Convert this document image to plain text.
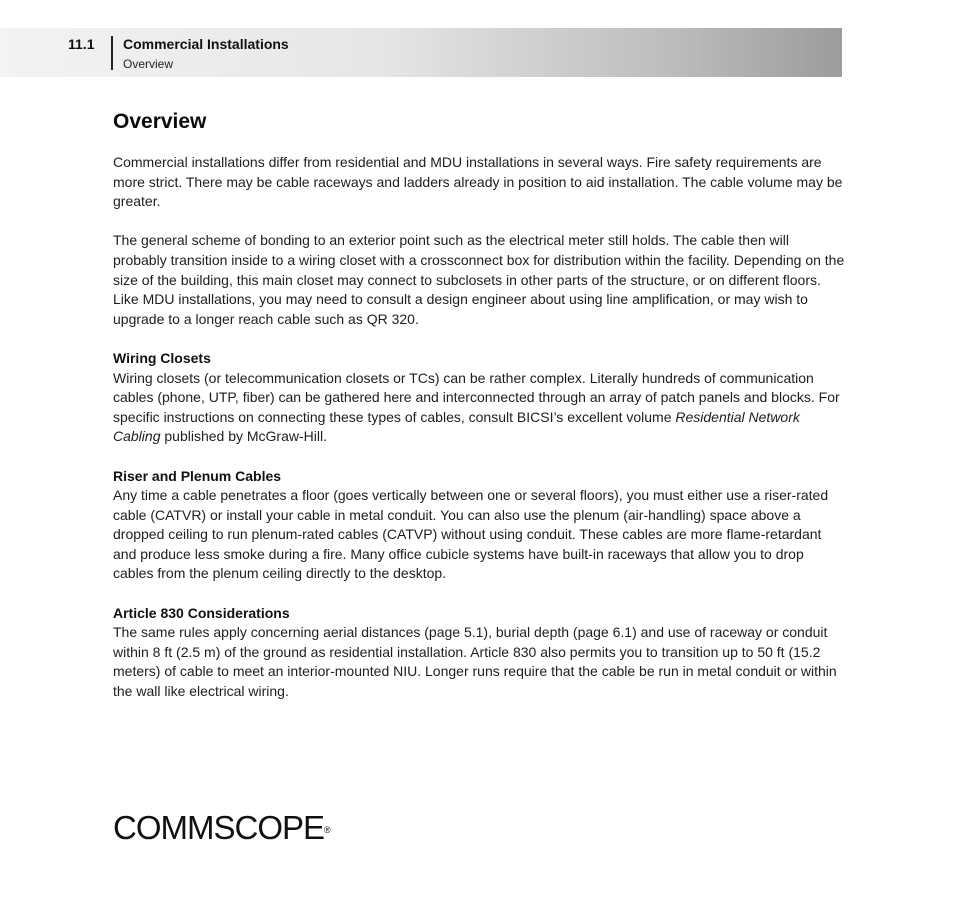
11.1 Commercial Installations
Overview
Overview

Commercial installations differ from residential and MDU installations in several ways. Fire safety requirements are more strict. There may be cable raceways and ladders already in position to aid installation. The cable volume may be greater.

The general scheme of bonding to an exterior point such as the electrical meter still holds. The cable then will probably transition inside to a wiring closet with a crossconnect box for distribution within the facility. Depending on the size of the building, this main closet may connect to subclosets in other parts of the structure, or on different floors. Like MDU installations, you may need to consult a design engineer about using line amplification, or may wish to upgrade to a longer reach cable such as QR 320.

Wiring Closets

Wiring closets (or telecommunication closets or TCs) can be rather complex. Literally hundreds of communication cables (phone, UTP, fiber) can be gathered here and interconnected through an array of patch panels and blocks. For specific instructions on connecting these types of cables, consult BICSI’s excellent volume Residential Network Cabling published by McGraw-Hill.

Riser and Plenum Cables

Any time a cable penetrates a floor (goes vertically between one or several floors), you must either use a riser-rated cable (CATVR) or install your cable in metal conduit. You can also use the plenum (air-handling) space above a dropped ceiling to run plenum-rated cables (CATVP) without using conduit. These cables are more flame-retardant and produce less smoke during a fire. Many office cubicle systems have built-in raceways that allow you to drop cables from the plenum ceiling directly to the desktop.

Article 830 Considerations

The same rules apply concerning aerial distances (page 5.1), burial depth (page 6.1) and use of raceway or conduit within 8 ft (2.5 m) of the ground as residential installation. Article 830 also permits you to transition up to 50 ft (15.2 meters) of cable to meet an interior-mounted NIU. Longer runs require that the cable be run in metal conduit or within the wall like electrical wiring.

COMMSCOPE®
